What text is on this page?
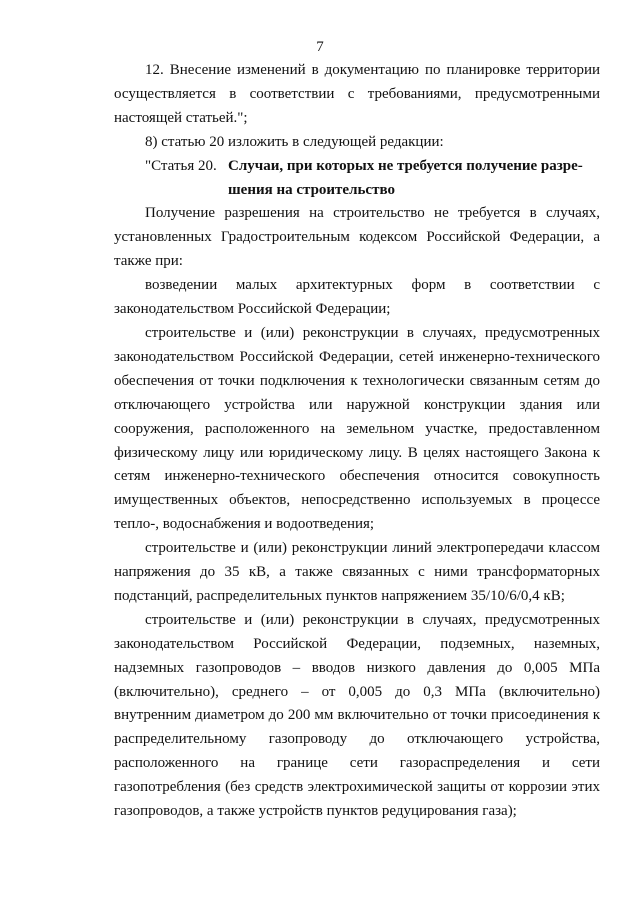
7

12. Внесение изменений в документацию по планировке территории осуществляется в соответствии с требованиями, предусмотренными настоящей статьей.";

8) статью 20 изложить в следующей редакции:

"Статья 20. Случаи, при которых не требуется получение разре-
шения на строительство

Получение разрешения на строительство не требуется в случаях, установленных Градостроительным кодексом Российской Федерации, а также при:

возведении малых архитектурных форм в соответствии с законодательством Российской Федерации;

строительстве и (или) реконструкции в случаях, предусмотренных законодательством Российской Федерации, сетей инженерно-технического обеспечения от точки подключения к технологически связанным сетям до отключающего устройства или наружной конструкции здания или сооружения, расположенного на земельном участке, предоставленном физическому лицу или юридическому лицу. В целях настоящего Закона к сетям инженерно-технического обеспечения относится совокупность имущественных объектов, непосредственно используемых в процессе тепло-, водоснабжения и водоотведения;

строительстве и (или) реконструкции линий электропередачи классом напряжения до 35 кВ, а также связанных с ними трансформаторных подстанций, распределительных пунктов напряжением 35/10/6/0,4 кВ;

строительстве и (или) реконструкции в случаях, предусмотренных законодательством Российской Федерации, подземных, наземных, надземных газопроводов – вводов низкого давления до 0,005 МПа (включительно), среднего – от 0,005 до 0,3 МПа (включительно) внутренним диаметром до 200 мм включительно от точки присоединения к распределительному газопроводу до отключающего устройства, расположенного на границе сети газораспределения и сети газопотребления (без средств электрохимической защиты от коррозии этих газопроводов, а также устройств пунктов редуцирования газа);
